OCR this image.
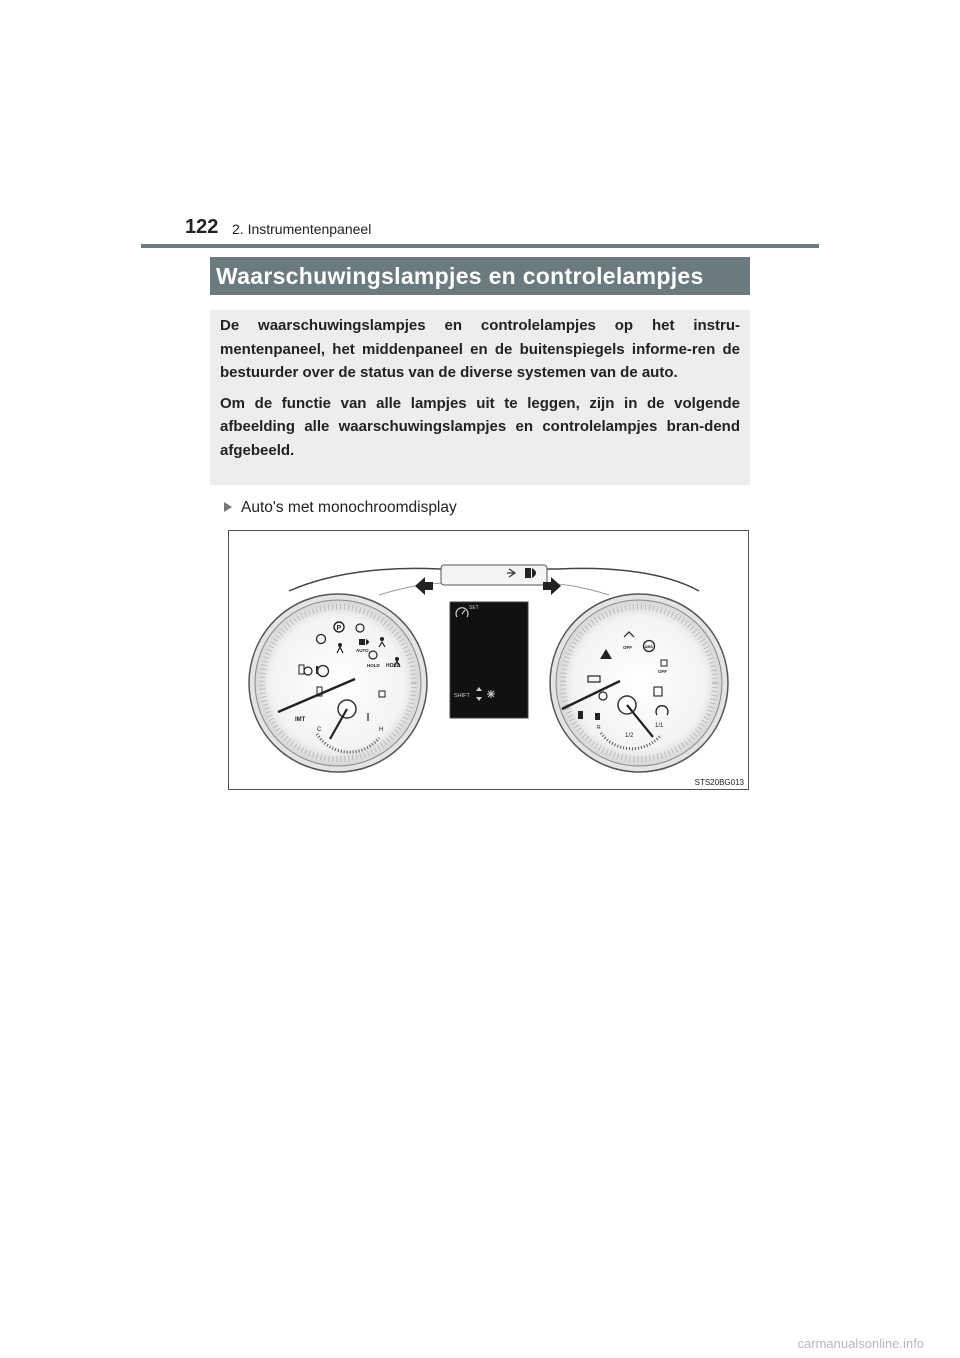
122 2. Instrumentenpaneel
Waarschuwingslampjes en controlelampjes

De waarschuwingslampjes en controlelampjes op het instru-mentenpaneel, het middenpaneel en de buitenspiegels informe-ren de bestuurder over de status van de diverse systemen van de auto.

Om de functie van alle lampjes uit te leggen, zijn in de volgende afbeelding alle waarschuwingslampjes en controlelampjes bran-dend afgebeeld.

Auto's met monochroomdisplay
P
AUTO
HOLD HOLD
IMT
C	H
SET
SHIFT
OFF	ABS
OFF
R
1/2
1/1
STS20BG013
carmanualsonline.info
